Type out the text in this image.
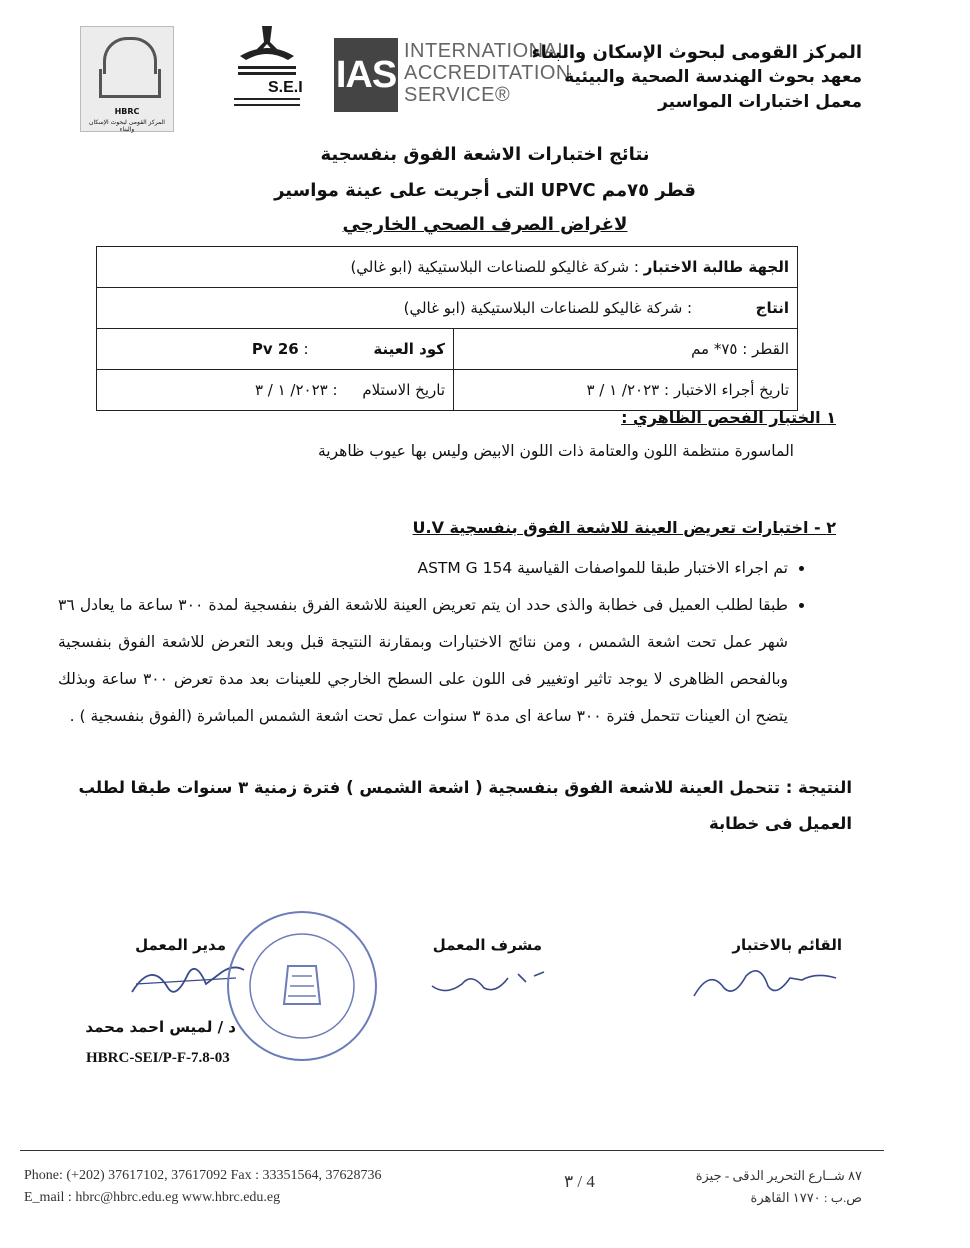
HBRC
المركز القومى لبحوث الإسكان والبناء
S.E.I IAS
INTERNATIONAL
ACCREDITATION
SERVICE®
المركز القومى لبحوث الإسكان والبناء
معهد بحوث الهندسة الصحية والبيئية
معمل اختبارات المواسير
نتائج اختبارات الاشعة الفوق بنفسجية
التى أجريت على عينة مواسير UPVC قطر ٧٥مم
لاغراض الصرف الصحي الخارجي
الجهة طالبة الاختبار : شركة غاليكو للصناعات البلاستيكية (ابو غالي)	
انتاج  : شركة غاليكو للصناعات البلاستيكية (ابو غالي)	
كود العينة : Pv 26	القطر : ٧٥* مم
تاريخ الاستلام : ٢٠٢٣/ ١ / ٣	تاريخ أجراء الاختبار : ٢٠٢٣/ ١ / ٣
١ الختبار الفحص الظاهري :
الماسورة منتظمة اللون والعتامة ذات اللون الابيض وليس بها عيوب ظاهرية
٢ - اختبارات تعريض العينة للاشعة الفوق بنفسجية U.V
• تم اجراء الاختبار طبقا للمواصفات القياسية ASTM G 154
• طبقا لطلب العميل فى خطابة والذى حدد ان يتم تعريض العينة للاشعة الفرق بنفسجية لمدة ٣٠٠ ساعة ما يعادل ٣٦ شهر عمل تحت اشعة الشمس ، ومن نتائج الاختبارات وبمقارنة النتيجة قبل وبعد التعرض للاشعة الفوق بنفسجية وبالفحص الظاهرى لا يوجد تاثير اوتغيير فى اللون على السطح الخارجي للعينات بعد مدة تعرض ٣٠٠ ساعة وبذلك يتضح ان العينات تتحمل فترة ٣٠٠ ساعة اى مدة ٣ سنوات عمل تحت اشعة الشمس المباشرة (الفوق بنفسجية ) .
النتيجة : تتحمل العينة للاشعة الفوق بنفسجية ( اشعة الشمس ) فترة زمنية ٣ سنوات طبقا لطلب العميل فى خطابة
القائم بالاختبار
مشرف المعمل
مدير المعمل
د / لميس احمد محمد
HBRC-SEI/P-F-7.8-03
Phone: (+202) 37617102, 37617092 Fax : 33351564, 37628736
E_mail : hbrc@hbrc.edu.eg www.hbrc.edu.eg
٣ / 4	٨٧ شــارع التحرير الدقى - جيزة
ص.ب : ١٧٧٠ القاهرة
